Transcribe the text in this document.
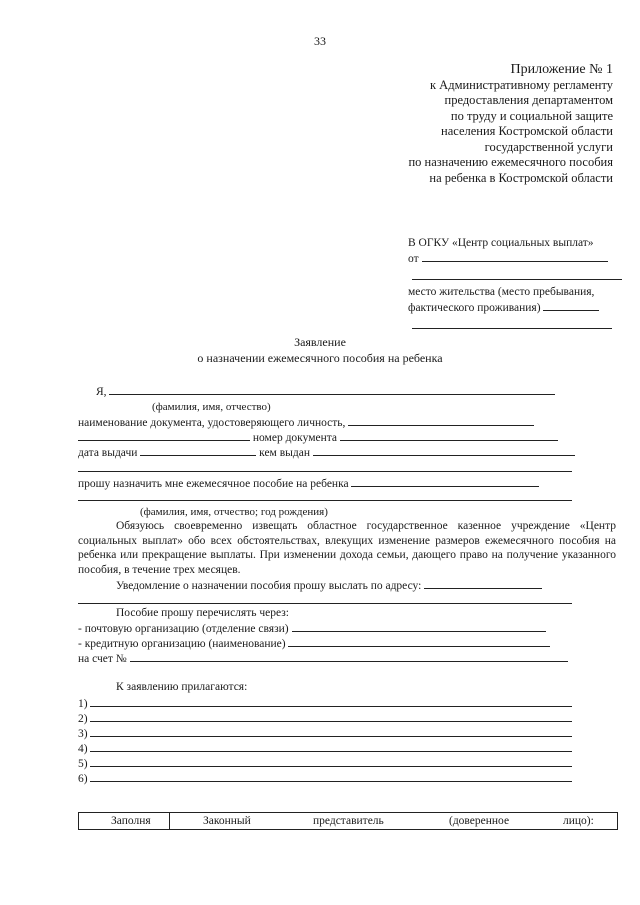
33
Приложение № 1
к Административному регламенту
предоставления департаментом
по труду и социальной защите
населения Костромской области
государственной услуги
по назначению ежемесячного пособия
на ребенка в Костромской области
В ОГКУ «Центр социальных выплат»
от
место жительства (место пребывания,
фактического проживания)
Заявление
о назначении ежемесячного пособия на ребенка
Я,
(фамилия, имя, отчество)
наименование документа, удостоверяющего личность,
номер документа
дата выдачи	кем выдан
прошу назначить мне ежемесячное пособие на ребенка
(фамилия, имя, отчество; год рождения)
Обязуюсь своевременно извещать областное государственное казенное учреждение «Центр социальных выплат» обо всех обстоятельствах, влекущих изменение размеров ежемесячного пособия на ребенка или прекращение выплаты. При изменении дохода семьи, дающего право на получение указанного пособия, в течение трех месяцев.
Уведомление о назначении пособия прошу выслать по адресу:
Пособие прошу перечислять через:
- почтовую организацию (отделение связи)
- кредитную организацию (наименование)
на счет №
К заявлению прилагаются:
1)
2)
3)
4)
5)
6)
Заполня	Законный	представитель	(доверенное	лицо):
